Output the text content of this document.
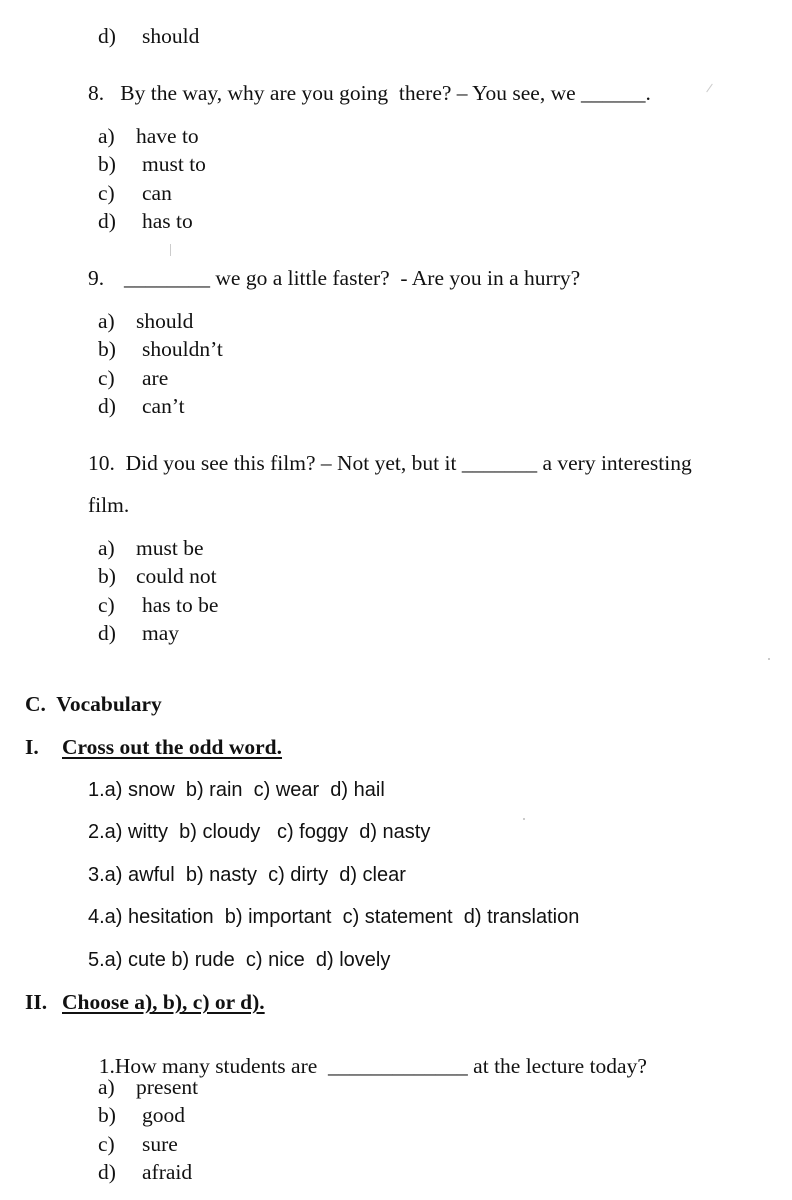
d) should
8.   By the way, why are you going  there? – You see, we ______.
a) have to
b) must to
c) can
d) has to
9. ________ we go a little faster?  - Are you in a hurry?
a) should
b) shouldn’t
c) are
d) can’t
10.  Did you see this film? – Not yet, but it _______ a very interesting
film.
a) must be
b) could not
c) has to be
d) may
C.  Vocabulary
I. Cross out the odd word.
1.a) snow  b) rain  c) wear  d) hail
2.a) witty  b) cloudy   c) foggy  d) nasty
3.a) awful  b) nasty  c) dirty  d) clear
4.a) hesitation  b) important  c) statement  d) translation
5.a) cute b) rude  c) nice  d) lovely
II. Choose a), b), c) or d).

1.How many students are  _____________ at the lecture today?

a) present
b) good
c) sure
d) afraid
